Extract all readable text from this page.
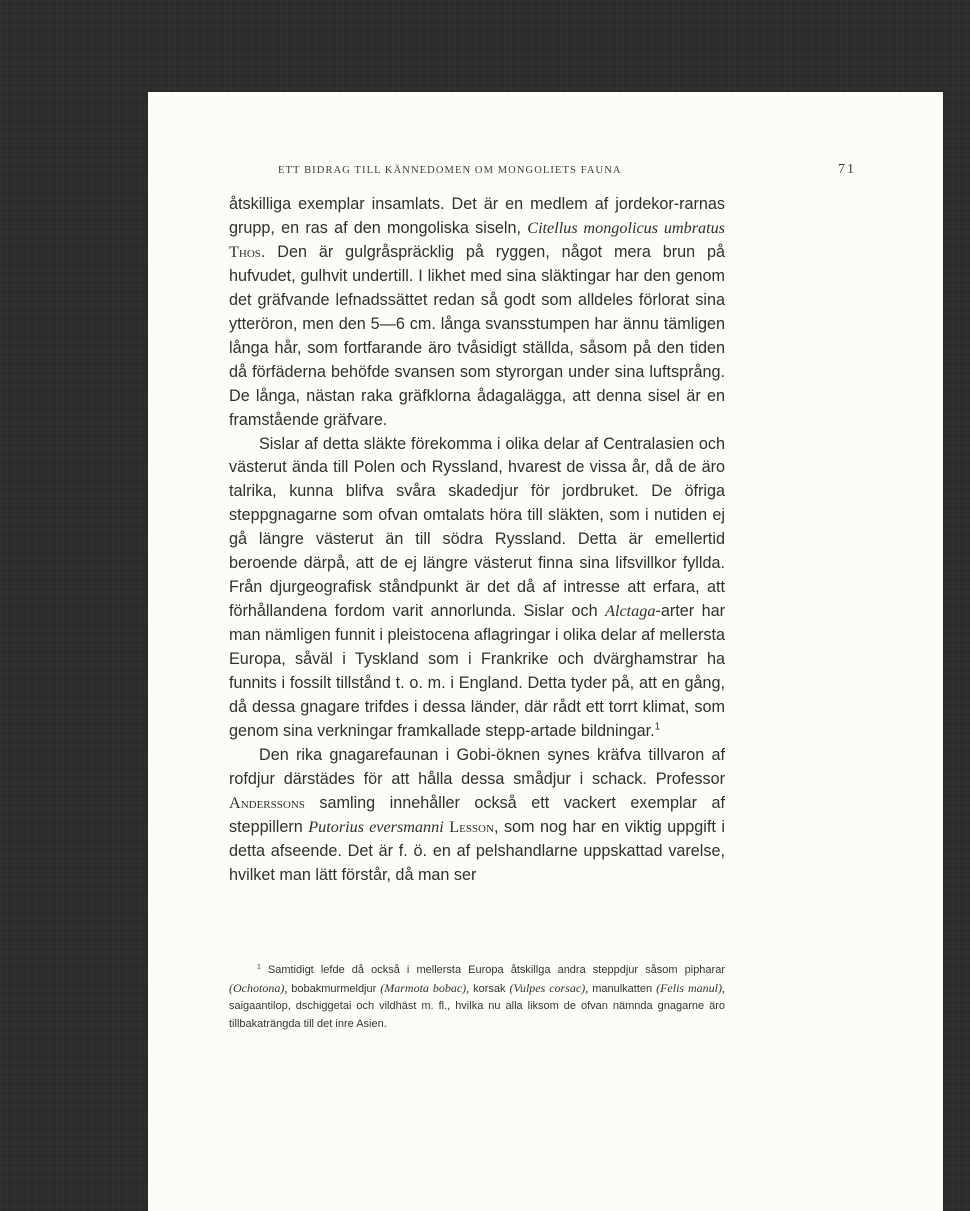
ETT BIDRAG TILL KÄNNEDOMEN OM MONGOLIETS FAUNA	71

åtskilliga exemplar insamlats. Det är en medlem af jordekor-rarnas grupp, en ras af den mongoliska siseln, Citellus mongolicus umbratus Thos. Den är gulgråspräcklig på ryggen, något mera brun på hufvudet, gulhvit undertill. I likhet med sina släktingar har den genom det gräfvande lefnadssättet redan så godt som alldeles förlorat sina ytteröron, men den 5—6 cm. långa svansstumpen har ännu tämligen långa hår, som fortfarande äro tvåsidigt ställda, såsom på den tiden då förfäderna behöfde svansen som styrorgan under sina luftsprång. De långa, nästan raka gräfklorna ådagalägga, att denna sisel är en framstående gräfvare.

Sislar af detta släkte förekomma i olika delar af Centralasien och västerut ända till Polen och Ryssland, hvarest de vissa år, då de äro talrika, kunna blifva svåra skadedjur för jordbruket. De öfriga steppgnagarne som ofvan omtalats höra till släkten, som i nutiden ej gå längre västerut än till södra Ryssland. Detta är emellertid beroende därpå, att de ej längre västerut finna sina lifsvillkor fyllda. Från djurgeografisk ståndpunkt är det då af intresse att erfara, att förhållandena fordom varit annorlunda. Sislar och Alctaga-arter har man nämligen funnit i pleistocena aflagringar i olika delar af mellersta Europa, såväl i Tyskland som i Frankrike och dvärghamstrar ha funnits i fossilt tillstånd t. o. m. i England. Detta tyder på, att en gång, då dessa gnagare trifdes i dessa länder, där rådt ett torrt klimat, som genom sina verkningar framkallade stepp-artade bildningar.$^1$

Den rika gnagarefaunan i Gobi-öknen synes kräfva tillvaron af rofdjur därstädes för att hålla dessa smådjur i schack. Professor Anderssons samling innehåller också ett vackert exemplar af steppillern Putorius eversmanni Lesson, som nog har en viktig uppgift i detta afseende. Det är f. ö. en af pelshandlarne uppskattad varelse, hvilket man lätt förstår, då man ser

$^1$ Samtidigt lefde då också i mellersta Europa åtskillga andra steppdjur såsom pipharar (Ochotona), bobakmurmeldjur (Marmota bobac), korsak (Vulpes corsac), manulkatten (Felis manul), saigaantilop, dschiggetai och vildhäst m. fl., hvilka nu alla liksom de ofvan nämnda gnagarne äro tillbakaträngda till det inre Asien.
